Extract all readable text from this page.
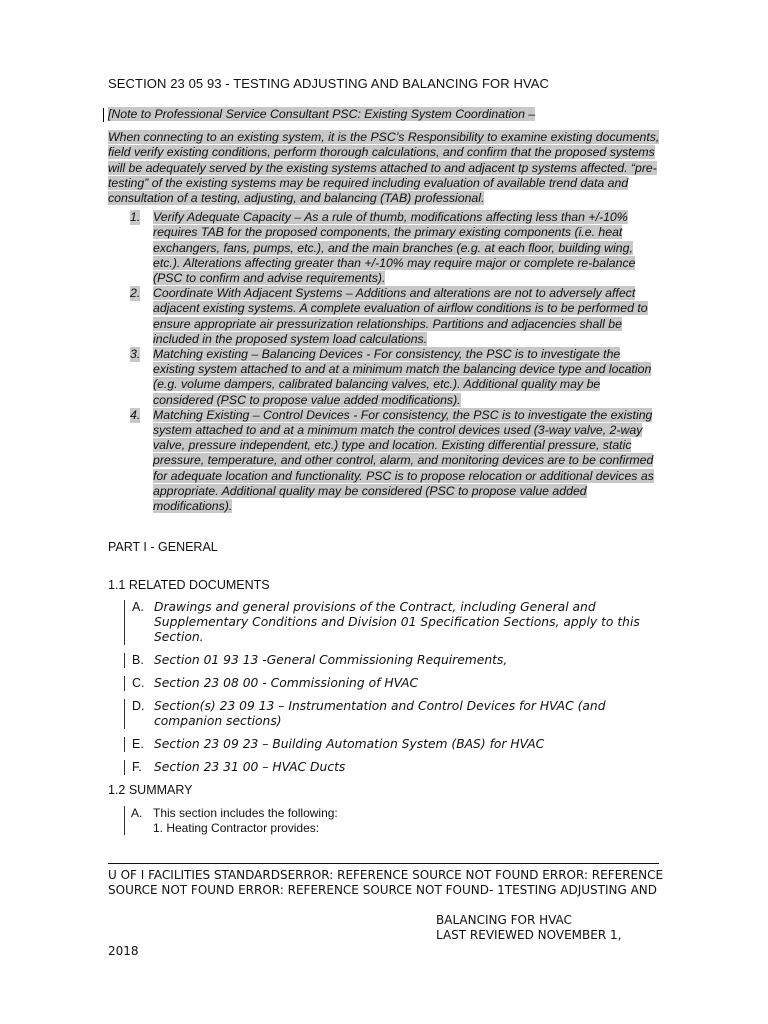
SECTION 23 05 93 - TESTING ADJUSTING AND BALANCING FOR HVAC
[Note to Professional Service Consultant PSC: Existing System Coordination –
When connecting to an existing system, it is the PSC’s Responsibility to examine existing documents, field verify existing conditions, perform thorough calculations, and confirm that the proposed systems will be adequately served by the existing systems attached to and adjacent tp systems affected. “pre-testing” of the existing systems may be required including evaluation of available trend data and consultation of a testing, adjusting, and balancing (TAB) professional.
1. Verify Adequate Capacity – As a rule of thumb, modifications affecting less than +/-10% requires TAB for the proposed components, the primary existing components (i.e. heat exchangers, fans, pumps, etc.), and the main branches (e.g. at each floor, building wing, etc.). Alterations affecting greater than +/-10% may require major or complete re-balance (PSC to confirm and advise requirements).
2. Coordinate With Adjacent Systems – Additions and alterations are not to adversely affect adjacent existing systems. A complete evaluation of airflow conditions is to be performed to ensure appropriate air pressurization relationships. Partitions and adjacencies shall be included in the proposed system load calculations.
3. Matching existing – Balancing Devices - For consistency, the PSC is to investigate the existing system attached to and at a minimum match the balancing device type and location (e.g. volume dampers, calibrated balancing valves, etc.). Additional quality may be considered (PSC to propose value added modifications).
4. Matching Existing – Control Devices - For consistency, the PSC is to investigate the existing system attached to and at a minimum match the control devices used (3-way valve, 2-way valve, pressure independent, etc.) type and location. Existing differential pressure, static pressure, temperature, and other control, alarm, and monitoring devices are to be confirmed for adequate location and functionality. PSC is to propose relocation or additional devices as appropriate. Additional quality may be considered (PSC to propose value added modifications).
PART I - GENERAL
1.1 RELATED DOCUMENTS
A. Drawings and general provisions of the Contract, including General and Supplementary Conditions and Division 01 Specification Sections, apply to this Section.
B. Section 01 93 13 -General Commissioning Requirements,
C. Section 23 08 00 - Commissioning of HVAC
D. Section(s) 23 09 13 – Instrumentation and Control Devices for HVAC (and companion sections)
E. Section 23 09 23 – Building Automation System (BAS) for HVAC
F. Section 23 31 00 – HVAC Ducts
1.2 SUMMARY
A. This section includes the following:
1. Heating Contractor provides:
U OF I FACILITIES STANDARDSERROR: REFERENCE SOURCE NOT FOUND ERROR: REFERENCE SOURCE NOT FOUND ERROR: REFERENCE SOURCE NOT FOUND- 1TESTING ADJUSTING AND
BALANCING FOR HVAC
LAST REVIEWED NOVEMBER 1,
2018
